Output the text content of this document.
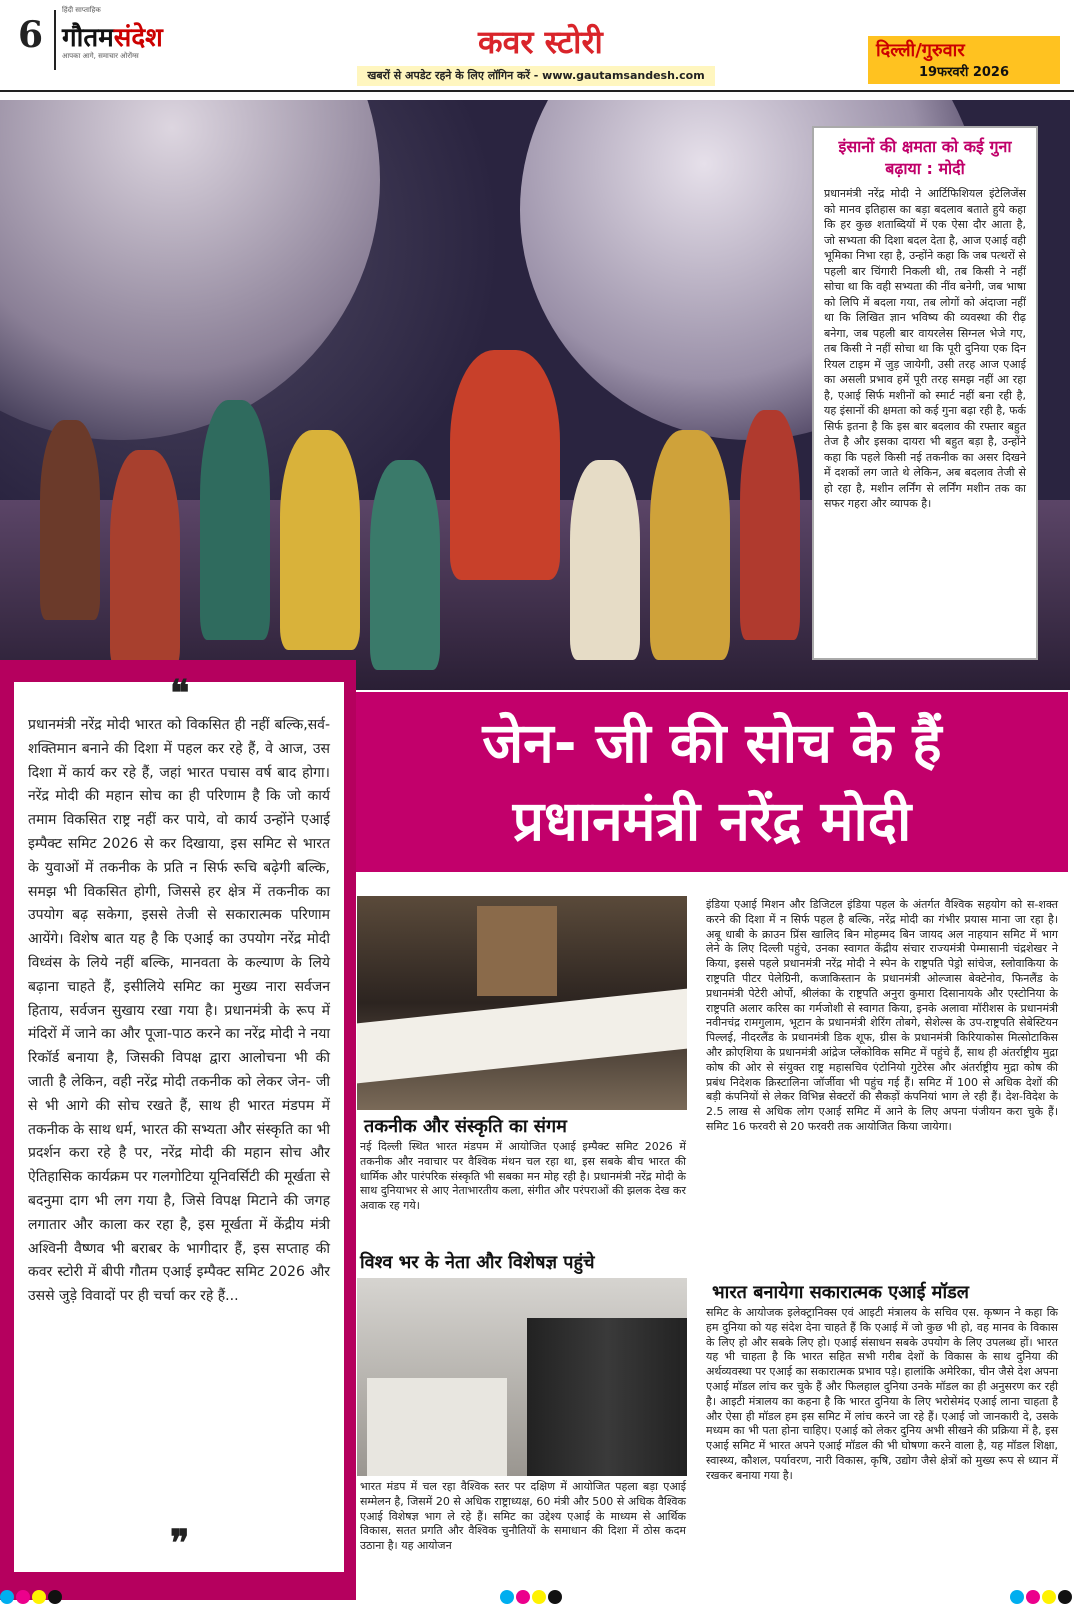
6
हिंदी साप्ताहिक
गौतमसंदेश
आपका आगे, समाचार ओरोंग्स	कवर स्टोरी
खबरों से अपडेट रहने के लिए लॉगिन करें - www.gautamsandesh.com
दिल्ली/गुरुवार
19फरवरी 2026
इंसानों की क्षमता को कई गुना बढ़ाया : मोदी
प्रधानमंत्री नरेंद्र मोदी ने आर्टिफिशियल इंटेलिजेंस को मानव इतिहास का बड़ा बदलाव बताते हुये कहा कि हर कुछ शताब्दियों में एक ऐसा दौर आता है, जो सभ्यता की दिशा बदल देता है, आज एआई वही भूमिका निभा रहा है, उन्होंने कहा कि जब पत्थरों से पहली बार चिंगारी निकली थी, तब किसी ने नहीं सोचा था कि वही सभ्यता की नींव बनेगी, जब भाषा को लिपि में बदला गया, तब लोगों को अंदाजा नहीं था कि लिखित ज्ञान भविष्य की व्यवस्था की रीढ़ बनेगा, जब पहली बार वायरलेस सिग्नल भेजे गए, तब किसी ने नहीं सोचा था कि पूरी दुनिया एक दिन रियल टाइम में जुड़ जायेगी, उसी तरह आज एआई का असली प्रभाव हमें पूरी तरह समझ नहीं आ रहा है, एआई सिर्फ मशीनों को स्मार्ट नहीं बना रही है, यह इंसानों की क्षमता को कई गुना बढ़ा रही है, फर्क सिर्फ इतना है कि इस बार बदलाव की रफ्तार बहुत तेज है और इसका दायरा भी बहुत बड़ा है, उन्होंने कहा कि पहले किसी नई तकनीक का असर दिखने में दशकों लग जाते थे लेकिन, अब बदलाव तेजी से हो रहा है, मशीन लर्निंग से लर्निंग मशीन तक का सफर गहरा और व्यापक है।
❝
प्रधानमंत्री नरेंद्र मोदी भारत को विकसित ही नहीं बल्कि,सर्व-शक्तिमान बनाने की दिशा में पहल कर रहे हैं, वे आज, उस दिशा में कार्य कर रहे हैं, जहां भारत पचास वर्ष बाद होगा। नरेंद्र मोदी की महान सोच का ही परिणाम है कि जो कार्य तमाम विकसित राष्ट्र नहीं कर पाये, वो कार्य उन्होंने एआई इम्पैक्ट समिट 2026 से कर दिखाया, इस समिट से भारत के युवाओं में तकनीक के प्रति न सिर्फ रूचि बढ़ेगी बल्कि, समझ भी विकसित होगी, जिससे हर क्षेत्र में तकनीक का उपयोग बढ़ सकेगा, इससे तेजी से सकारात्मक परिणाम आयेंगे। विशेष बात यह है कि एआई का उपयोग नरेंद्र मोदी विध्वंस के लिये नहीं बल्कि, मानवता के कल्याण के लिये बढ़ाना चाहते हैं, इसीलिये समिट का मुख्य नारा सर्वजन हिताय, सर्वजन सुखाय रखा गया है। प्रधानमंत्री के रूप में मंदिरों में जाने का और पूजा-पाठ करने का नरेंद्र मोदी ने नया रिकॉर्ड बनाया है, जिसकी विपक्ष द्वारा आलोचना भी की जाती है लेकिन, वही नरेंद्र मोदी तकनीक को लेकर जेन- जी से भी आगे की सोच रखते हैं, साथ ही भारत मंडपम में तकनीक के साथ धर्म, भारत की सभ्यता और संस्कृति का भी प्रदर्शन करा रहे है पर, नरेंद्र मोदी की महान सोच और ऐतिहासिक कार्यक्रम पर गलगोटिया यूनिवर्सिटी की मूर्खता से बदनुमा दाग भी लग गया है, जिसे विपक्ष मिटाने की जगह लगातार और काला कर रहा है, इस मूर्खता में केंद्रीय मंत्री अश्विनी वैष्णव भी बराबर के भागीदार हैं, इस सप्ताह की कवर स्टोरी में बीपी गौतम एआई इम्पैक्ट समिट 2026 और उससे जुड़े विवादों पर ही चर्चा कर रहे हैं...
❞
जेन- जी की सोच के हैं
प्रधानमंत्री नरेंद्र मोदी
तकनीक और संस्कृति का संगम
नई दिल्ली स्थित भारत मंडपम में आयोजित एआई इम्पैक्ट समिट 2026 में तकनीक और नवाचार पर वैश्विक मंथन चल रहा था, इस सबके बीच भारत की धार्मिक और पारंपरिक संस्कृति भी सबका मन मोह रही है। प्रधानमंत्री नरेंद्र मोदी के साथ दुनियाभर से आए नेताभारतीय कला, संगीत और परंपराओं की झलक देख कर अवाक रह गये।
विश्व भर के नेता और विशेषज्ञ पहुंचे
भारत मंडप में चल रहा वैश्विक स्तर पर दक्षिण में आयोजित पहला बड़ा एआई सम्मेलन है, जिसमें 20 से अधिक राष्ट्राध्यक्ष, 60 मंत्री और 500 से अधिक वैश्विक एआई विशेषज्ञ भाग ले रहे हैं। समिट का उद्देश्य एआई के माध्यम से आर्थिक विकास, सतत प्रगति और वैश्विक चुनौतियों के समाधान की दिशा में ठोस कदम उठाना है। यह आयोजन
इंडिया एआई मिशन और डिजिटल इंडिया पहल के अंतर्गत वैश्विक सहयोग को स-शक्त करने की दिशा में न सिर्फ पहल है बल्कि, नरेंद्र मोदी का गंभीर प्रयास माना जा रहा है। अबू धाबी के क्राउन प्रिंस खालिद बिन मोहम्मद बिन जायद अल नाहयान समिट में भाग लेने के लिए दिल्ली पहुंचे, उनका स्वागत केंद्रीय संचार राज्यमंत्री पेम्मासानी चंद्रशेखर ने किया, इससे पहले प्रधानमंत्री नरेंद्र मोदी ने स्पेन के राष्ट्रपति पेड्रो सांचेज, स्लोवाकिया के राष्ट्रपति पीटर पेलेग्रिनी, कजाकिस्तान के प्रधानमंत्री ओल्जास बेक्टेनोव, फिनलैंड के प्रधानमंत्री पेटेरी ओर्पो, श्रीलंका के राष्ट्रपति अनुरा कुमारा दिसानायके और एस्टोनिया के राष्ट्रपति अलार करिस का गर्मजोशी से स्वागत किया, इनके अलावा मॉरीशस के प्रधानमंत्री नवीनचंद्र रामगुलाम, भूटान के प्रधानमंत्री शेरिंग तोबगे, सेशेल्स के उप-राष्ट्रपति सेबेस्टियन पिल्लई, नीदरलैंड के प्रधानमंत्री डिक शूफ, ग्रीस के प्रधानमंत्री किरियाकोस मित्सोटाकिस और क्रोएशिया के प्रधानमंत्री आंद्रेज प्लेंकोविक समिट में पहुंचे हैं, साथ ही अंतर्राष्ट्रीय मुद्रा कोष की ओर से संयुक्त राष्ट्र महासचिव एंटोनियो गुटेरेस और अंतर्राष्ट्रीय मुद्रा कोष की प्रबंध निदेशक क्रिस्टालिना जॉर्जीवा भी पहुंच गई हैं। समिट में 100 से अधिक देशों की बड़ी कंपनियों से लेकर विभिन्न सेक्टरों की सैकड़ों कंपनियां भाग ले रही हैं। देश-विदेश के 2.5 लाख से अधिक लोग एआई समिट में आने के लिए अपना पंजीयन करा चुके हैं। समिट 16 फरवरी से 20 फरवरी तक आयोजित किया जायेगा।
भारत बनायेगा सकारात्मक एआई मॉडल
समिट के आयोजक इलेक्ट्रानिक्स एवं आइटी मंत्रालय के सचिव एस. कृष्णन ने कहा कि हम दुनिया को यह संदेश देना चाहते हैं कि एआई में जो कुछ भी हो, वह मानव के विकास के लिए हो और सबके लिए हो। एआई संसाधन सबके उपयोग के लिए उपलब्ध हों। भारत यह भी चाहता है कि भारत सहित सभी गरीब देशों के विकास के साथ दुनिया की अर्थव्यवस्था पर एआई का सकारात्मक प्रभाव पड़े। हालांकि अमेरिका, चीन जैसे देश अपना एआई मॉडल लांच कर चुके हैं और फिलहाल दुनिया उनके मॉडल का ही अनुसरण कर रही है। आइटी मंत्रालय का कहना है कि भारत दुनिया के लिए भरोसेमंद एआई लाना चाहता है और ऐसा ही मॉडल हम इस समिट में लांच करने जा रहे हैं। एआई जो जानकारी दे, उसके मध्यम का भी पता होना चाहिए। एआई को लेकर दुनिय अभी सीखने की प्रक्रिया में है, इस एआई समिट में भारत अपने एआई मॉडल की भी घोषणा करने वाला है, यह मॉडल शिक्षा, स्वास्थ्य, कौशल, पर्यावरण, नारी विकास, कृषि, उद्योग जैसे क्षेत्रों को मुख्य रूप से ध्यान में रखकर बनाया गया है।
